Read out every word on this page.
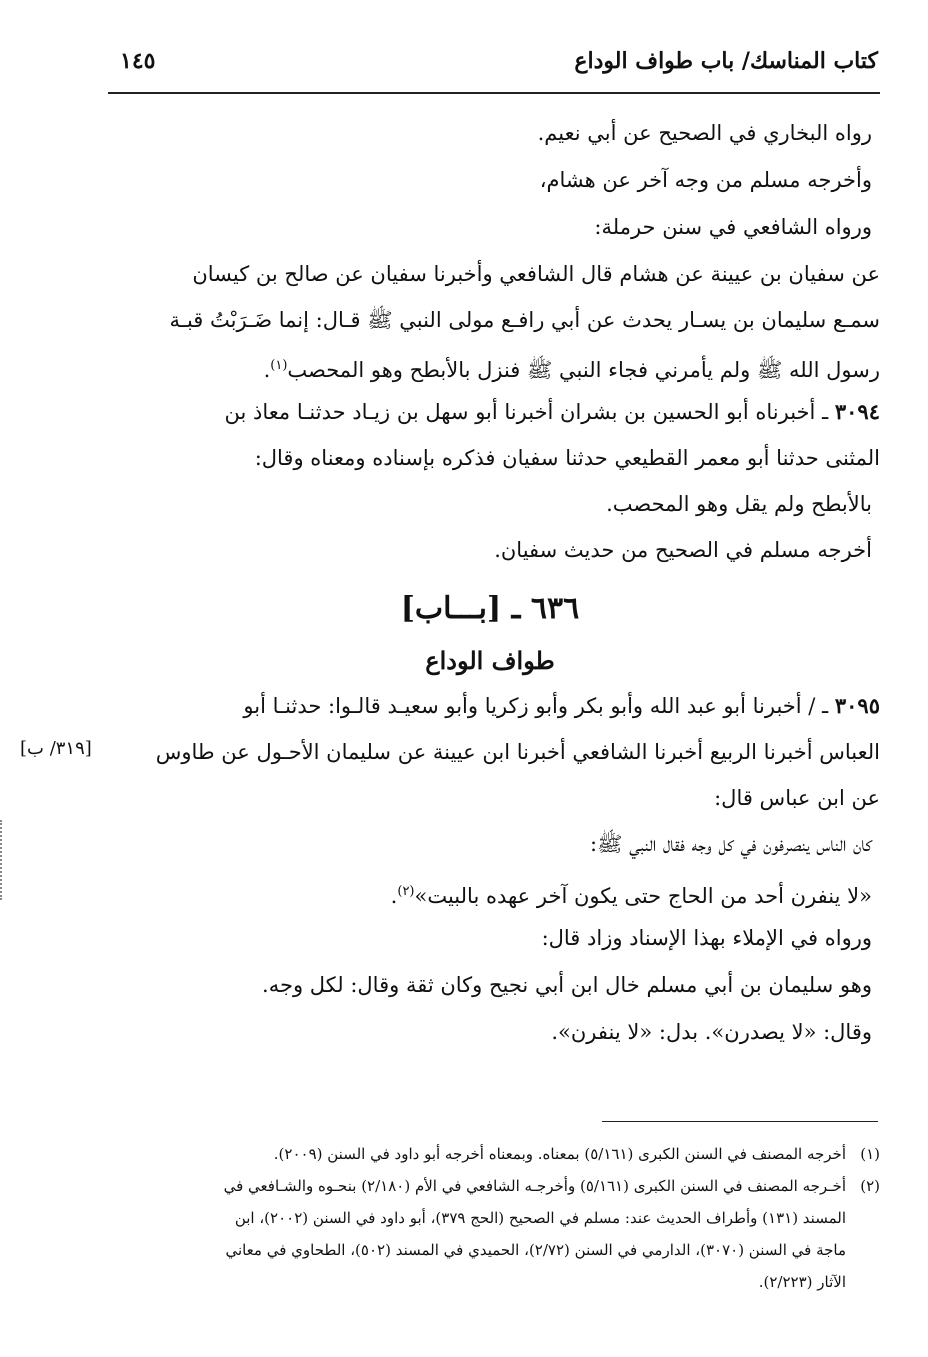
كتاب المناسك/ باب طواف الوداع
١٤٥
رواه البخاري في الصحيح عن أبي نعيم.
وأخرجه مسلم من وجه آخر عن هشام،
ورواه الشافعي في سنن حرملة:
عن سفيان بن عيينة عن هشام قال الشافعي وأخبرنا سفيان عن صالح بن كيسان
سمـع سليمان بن يسـار يحدث عن أبي رافـع مولى النبي ﷺ قـال: إنما ضَـرَبْتُ قبـة
رسول الله ﷺ ولم يأمرني فجاء النبي ﷺ فنزل بالأبطح وهو المحصب$^{(١)}$.
٣٠٩٤ ـ أخبرناه أبو الحسين بن بشران أخبرنا أبو سهل بن زيـاد حدثنـا معاذ بن
المثنى حدثنا أبو معمر القطيعي حدثنا سفيان فذكره بإسناده ومعناه وقال:
بالأبطح ولم يقل وهو المحصب.
أخرجه مسلم في الصحيح من حديث سفيان.
٦٣٦ ـ [بـــاب]
طواف الوداع
٣٠٩٥ ـ / أخبرنا أبو عبد الله وأبو بكر وأبو زكريا وأبو سعيـد قالـوا: حدثنـا أبو
العباس أخبرنا الربيع أخبرنا الشافعي أخبرنا ابن عيينة عن سليمان الأحـول عن طاوس
عن ابن عباس قال:
كان الناس ينصرفون في كل وجه فقال النبي ﷺ:
«لا ينفرن أحد من الحاج حتى يكون آخر عهده بالبيت»$^{(٢)}$.
ورواه في الإملاء بهذا الإسناد وزاد قال:
وهو سليمان بن أبي مسلم خال ابن أبي نجيح وكان ثقة وقال: لكل وجه.
وقال: «لا يصدرن». بدل: «لا ينفرن».
[٣١٩/ ب]
(١)أخرجه المصنف في السنن الكبرى (٥/١٦١) بمعناه. وبمعناه أخرجه أبو داود في السنن (٢٠٠٩).
(٢)أخـرجه المصنف في السنن الكبرى (٥/١٦١) وأخرجـه الشافعي في الأم (٢/١٨٠) بنحـوه والشـافعي في
المسند (١٣١) وأطراف الحديث عند: مسلم في الصحيح (الحج ٣٧٩)، أبو داود في السنن (٢٠٠٢)، ابن
ماجة في السنن (٣٠٧٠)، الدارمي في السنن (٢/٧٢)، الحميدي في المسند (٥٠٢)، الطحاوي في معاني
الآثار (٢/٢٢٣).
